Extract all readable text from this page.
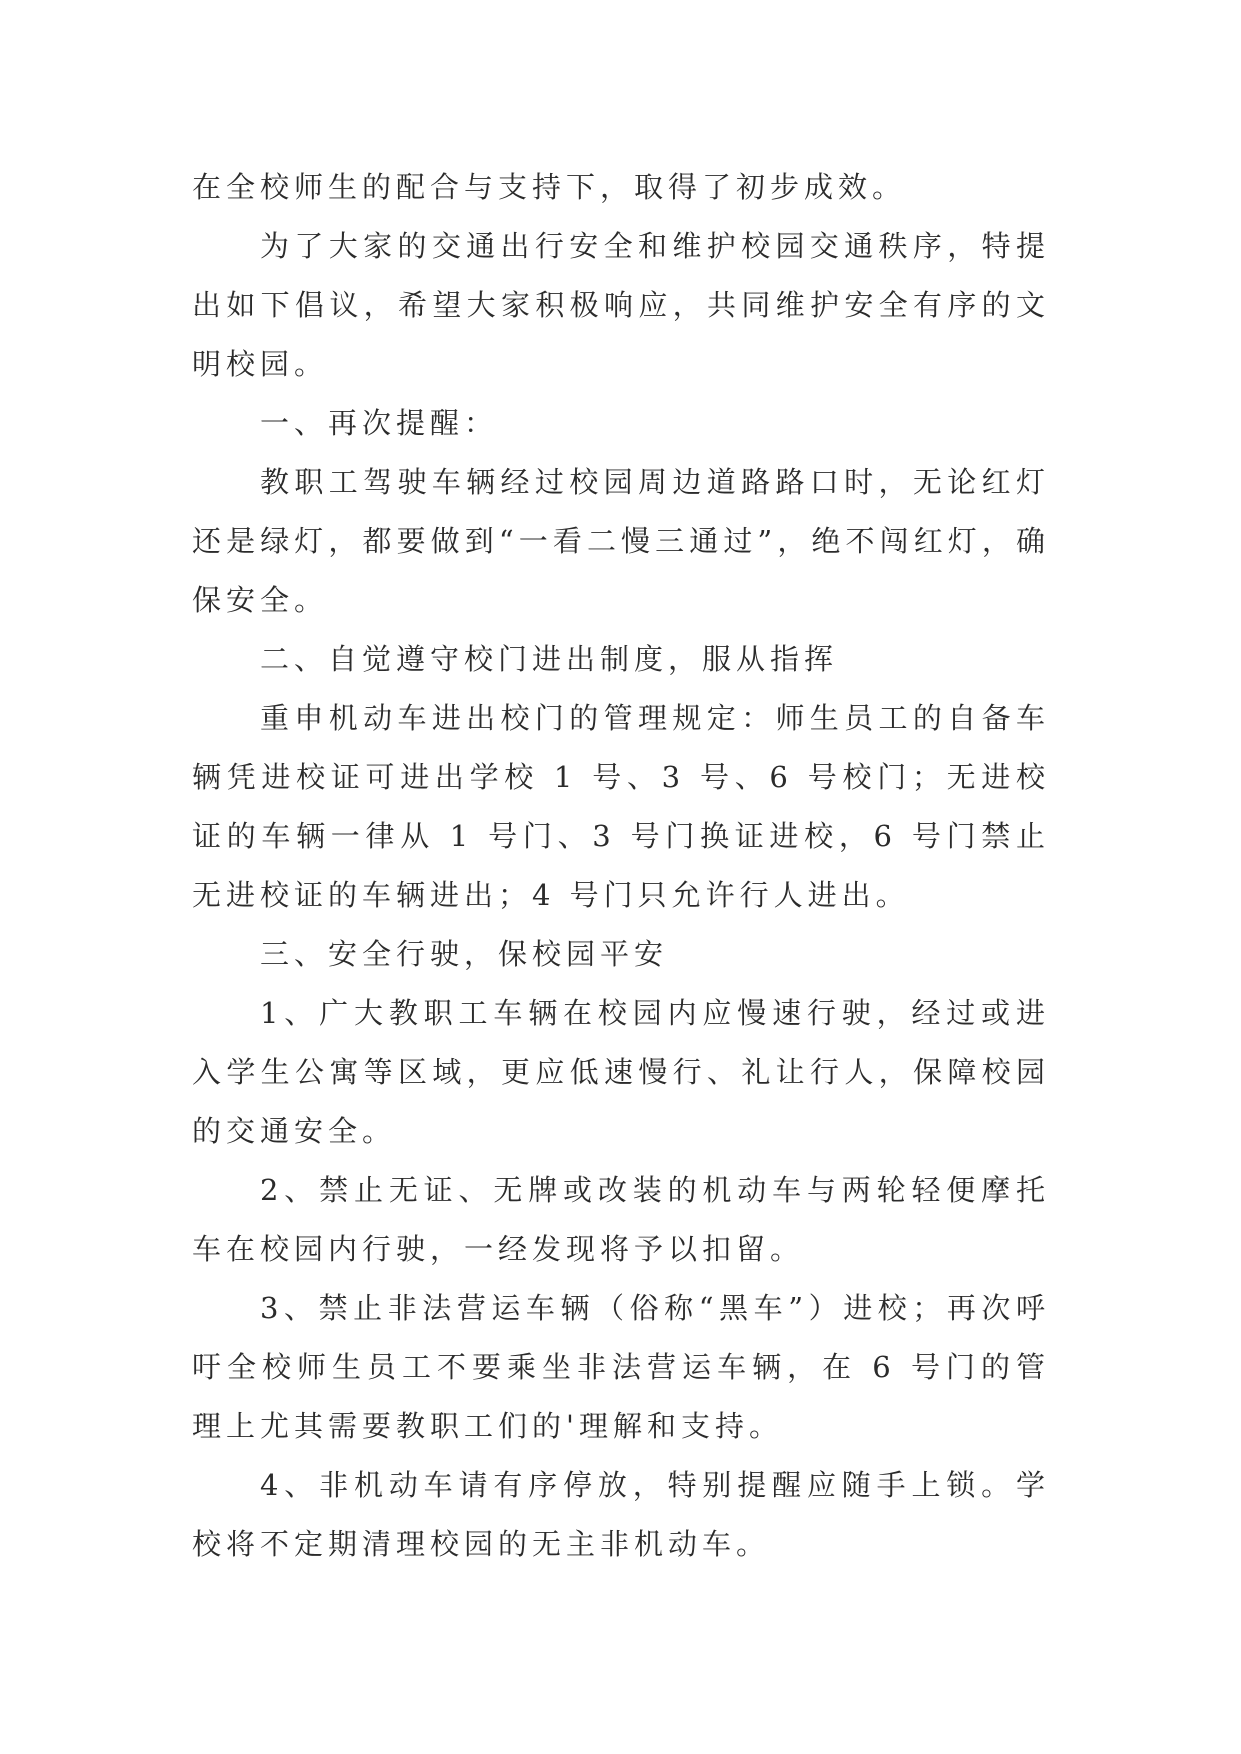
在全校师生的配合与支持下，取得了初步成效。

为了大家的交通出行安全和维护校园交通秩序，特提出如下倡议，希望大家积极响应，共同维护安全有序的文明校园。

一、再次提醒：

教职工驾驶车辆经过校园周边道路路口时，无论红灯还是绿灯，都要做到“一看二慢三通过”，绝不闯红灯，确保安全。

二、自觉遵守校门进出制度，服从指挥

重申机动车进出校门的管理规定：师生员工的自备车辆凭进校证可进出学校 1 号、3 号、6 号校门；无进校证的车辆一律从 1 号门、3 号门换证进校，6 号门禁止无进校证的车辆进出；4 号门只允许行人进出。

三、安全行驶，保校园平安

1、广大教职工车辆在校园内应慢速行驶，经过或进入学生公寓等区域，更应低速慢行、礼让行人，保障校园的交通安全。

2、禁止无证、无牌或改装的机动车与两轮轻便摩托车在校园内行驶，一经发现将予以扣留。

3、禁止非法营运车辆（俗称“黑车”）进校；再次呼吁全校师生员工不要乘坐非法营运车辆，在 6 号门的管理上尤其需要教职工们的'理解和支持。

4、非机动车请有序停放，特别提醒应随手上锁。学校将不定期清理校园的无主非机动车。
